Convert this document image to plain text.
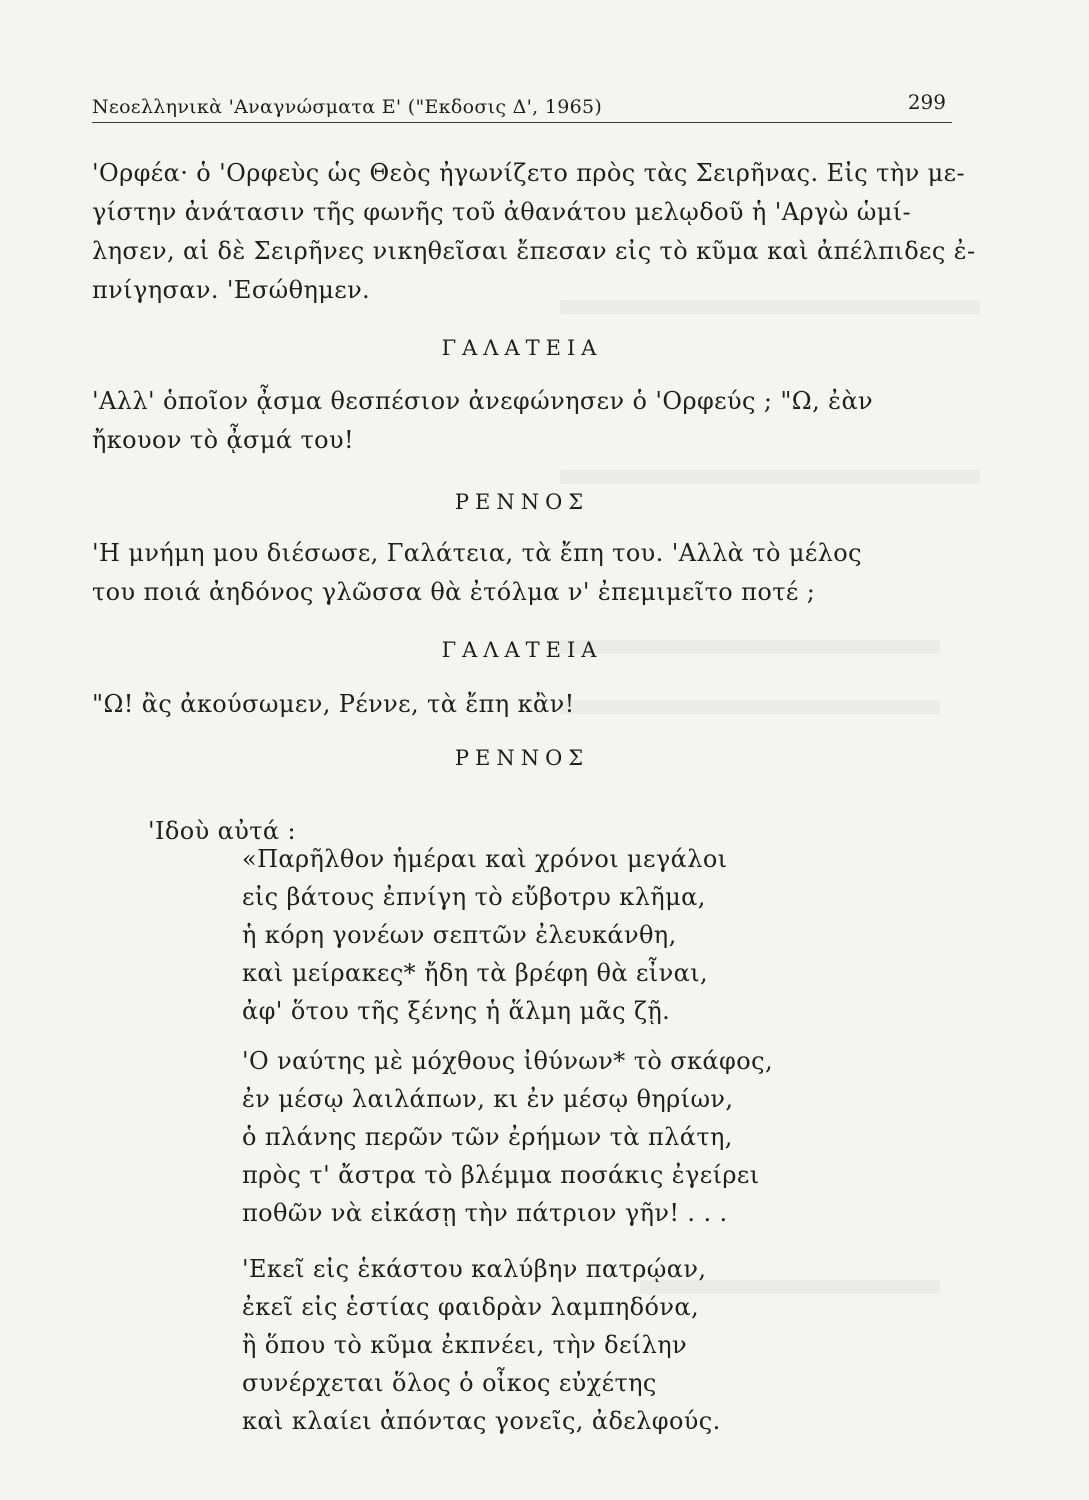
Νεοελληνικὰ 'Αναγνώσματα Ε' ("Εκδοσις Δ', 1965)	299
'Ορφέα· ὁ 'Ορφεὺς ὡς Θεὸς ἠγωνίζετο πρὸς τὰς Σειρῆνας. Εἰς τὴν με-
γίστην ἀνάτασιν τῆς φωνῆς τοῦ ἀθανάτου μελῳδοῦ ἡ 'Αργὼ ὡμί-
λησεν, αἱ δὲ Σειρῆνες νικηθεῖσαι ἔπεσαν εἰς τὸ κῦμα καὶ ἀπέλπιδες ἐ-
πνίγησαν. 'Εσώθημεν.
ΓΑΛΑΤΕΙΑ
'Αλλ' ὁποῖον ᾆσμα θεσπέσιον ἀνεφώνησεν ὁ 'Ορφεύς ; "Ω, ἐὰν
ἤκουον τὸ ᾆσμά του!
ΡΕΝΝΟΣ
'Η μνήμη μου διέσωσε, Γαλάτεια, τὰ ἔπη του. 'Αλλὰ τὸ μέλος
του ποιά ἀηδόνος γλῶσσα θὰ ἐτόλμα ν' ἐπεμιμεῖτο ποτέ ;
ΓΑΛΑΤΕΙΑ
"Ω! ἂς ἀκούσωμεν, Ρέννε, τὰ ἔπη κἂν!
ΡΕΝΝΟΣ
'Ιδοὺ αὐτά :
«Παρῆλθον ἡμέραι καὶ χρόνοι μεγάλοι
εἰς βάτους ἐπνίγη τὸ εὔβοτρυ κλῆμα,
ἡ κόρη γονέων σεπτῶν ἐλευκάνθη,
καὶ μείρακες* ἤδη τὰ βρέφη θὰ εἶναι,
ἀφ' ὅτου τῆς ξένης ἡ ἅλμη μᾶς ζῇ.
'Ο ναύτης μὲ μόχθους ἰθύνων* τὸ σκάφος,
ἐν μέσῳ λαιλάπων, κι ἐν μέσῳ θηρίων,
ὁ πλάνης περῶν τῶν ἐρήμων τὰ πλάτη,
πρὸς τ' ἄστρα τὸ βλέμμα ποσάκις ἐγείρει
ποθῶν νὰ εἰκάσῃ τὴν πάτριον γῆν! . . .
'Εκεῖ εἰς ἑκάστου καλύβην πατρῴαν,
ἐκεῖ εἰς ἑστίας φαιδρὰν λαμπηδόνα,
ἢ ὅπου τὸ κῦμα ἐκπνέει, τὴν δείλην
συνέρχεται ὅλος ὁ οἶκος εὐχέτης
καὶ κλαίει ἀπόντας γονεῖς, ἀδελφούς.
